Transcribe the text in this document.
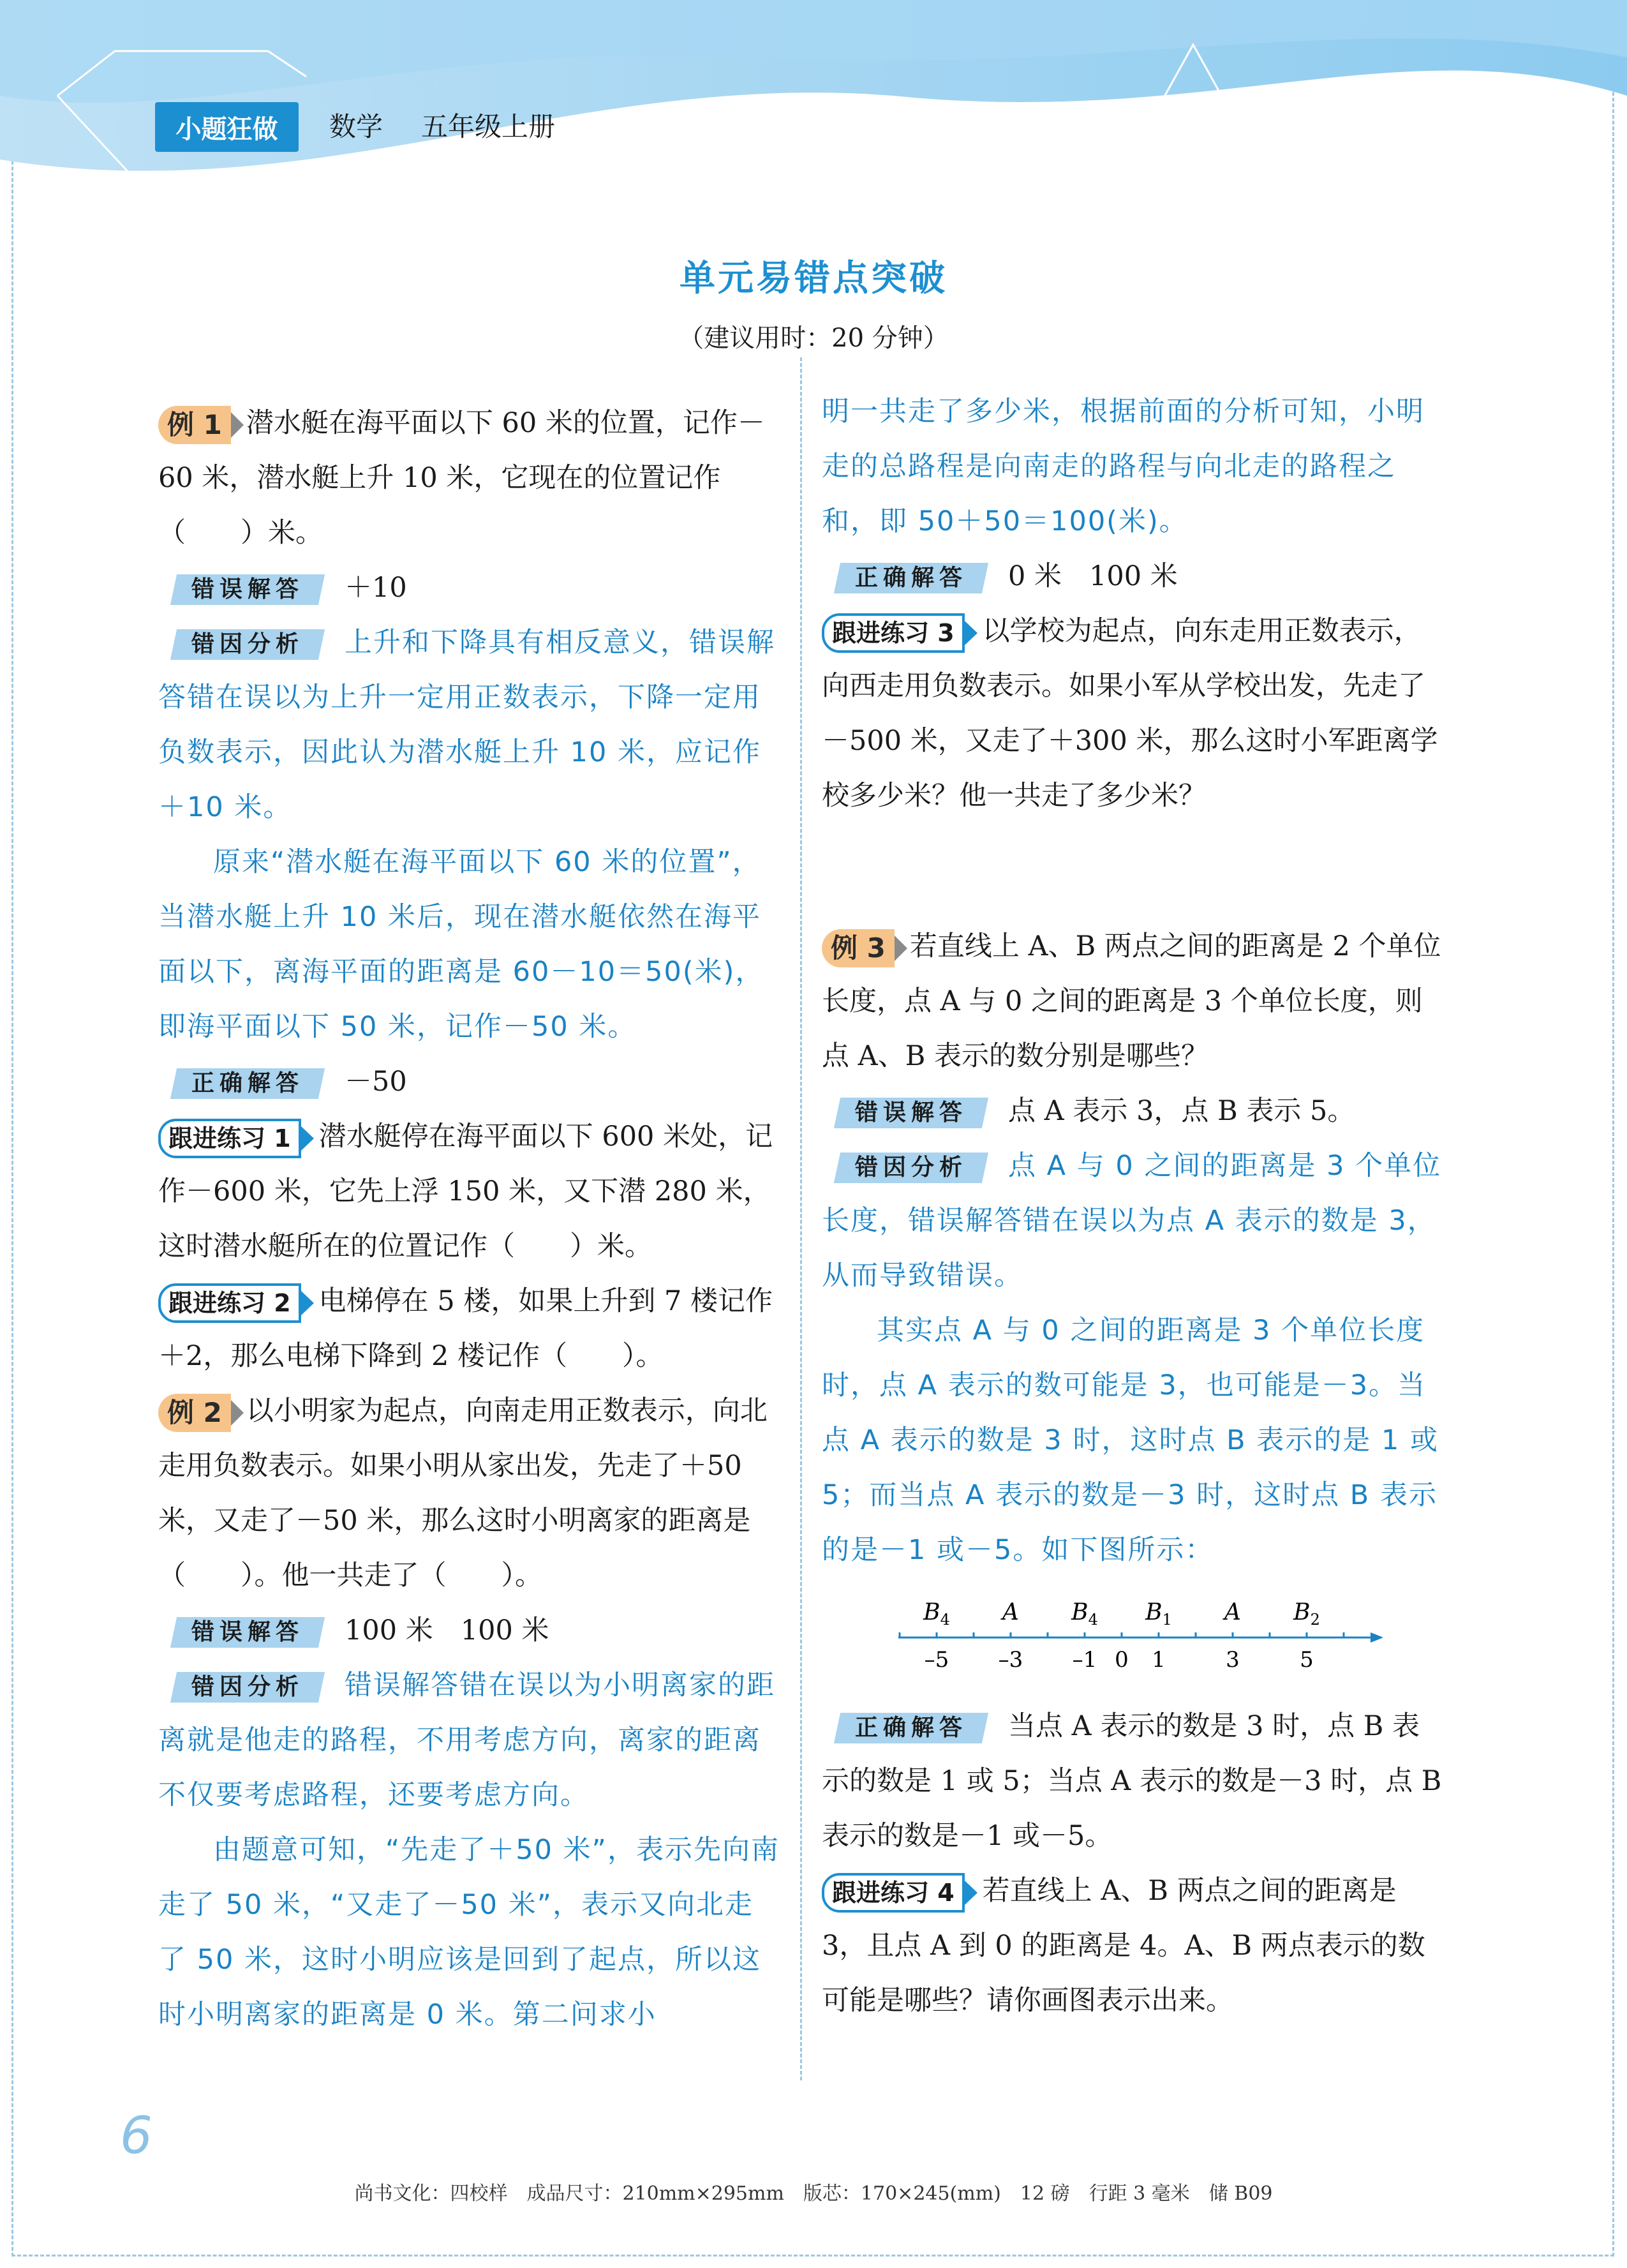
小题狂做	数学 五年级上册
单元易错点突破
（建议用时：20 分钟）

例 1 潜水艇在海平面以下 60 米的位置，记作－60 米，潜水艇上升 10 米，它现在的位置记作（　　）米。

错误解答 ＋10

错因分析 上升和下降具有相反意义，错误解答错在误以为上升一定用正数表示，下降一定用负数表示，因此认为潜水艇上升 10 米，应记作＋10 米。

原来“潜水艇在海平面以下 60 米的位置”，当潜水艇上升 10 米后，现在潜水艇依然在海平面以下，离海平面的距离是 60－10＝50(米)，即海平面以下 50 米，记作－50 米。

正确解答 －50

跟进练习 1 潜水艇停在海平面以下 600 米处，记作－600 米，它先上浮 150 米，又下潜 280 米，这时潜水艇所在的位置记作（　　）米。

跟进练习 2 电梯停在 5 楼，如果上升到 7 楼记作＋2，那么电梯下降到 2 楼记作（　　）。

例 2 以小明家为起点，向南走用正数表示，向北走用负数表示。如果小明从家出发，先走了＋50 米，又走了－50 米，那么这时小明离家的距离是（　　）。他一共走了（　　）。

错误解答 100 米　100 米

错因分析 错误解答错在误以为小明离家的距离就是他走的路程，不用考虑方向，离家的距离不仅要考虑路程，还要考虑方向。

由题意可知，“先走了＋50 米”，表示先向南走了 50 米，“又走了－50 米”，表示又向北走了 50 米，这时小明应该是回到了起点，所以这时小明离家的距离是 0 米。第二问求小

明一共走了多少米，根据前面的分析可知，小明走的总路程是向南走的路程与向北走的路程之和，即 50＋50＝100(米)。

正确解答 0 米　100 米

跟进练习 3 以学校为起点，向东走用正数表示，向西走用负数表示。如果小军从学校出发，先走了－500 米，又走了＋300 米，那么这时小军距离学校多少米？他一共走了多少米？

例 3 若直线上 A、B 两点之间的距离是 2 个单位长度，点 A 与 0 之间的距离是 3 个单位长度，则点 A、B 表示的数分别是哪些？

错误解答 点 A 表示 3，点 B 表示 5。

错因分析 点 A 与 0 之间的距离是 3 个单位长度，错误解答错在误以为点 A 表示的数是 3，从而导致错误。

其实点 A 与 0 之间的距离是 3 个单位长度时，点 A 表示的数可能是 3，也可能是－3。当点 A 表示的数是 3 时，这时点 B 表示的是 1 或 5；而当点 A 表示的数是－3 时，这时点 B 表示的是－1 或－5。如下图所示：

–5
$B_4$
–3
A
–1
$B_4$
0 1
$B_1$
3
A
5
$B_2$

正确解答 当点 A 表示的数是 3 时，点 B 表示的数是 1 或 5；当点 A 表示的数是－3 时，点 B 表示的数是－1 或－5。

跟进练习 4 若直线上 A、B 两点之间的距离是 3，且点 A 到 0 的距离是 4。A、B 两点表示的数可能是哪些？请你画图表示出来。

6
尚书文化：四校样　成品尺寸：210mm×295mm　版芯：170×245(mm)　12 磅　行距 3 毫米　储 B09
